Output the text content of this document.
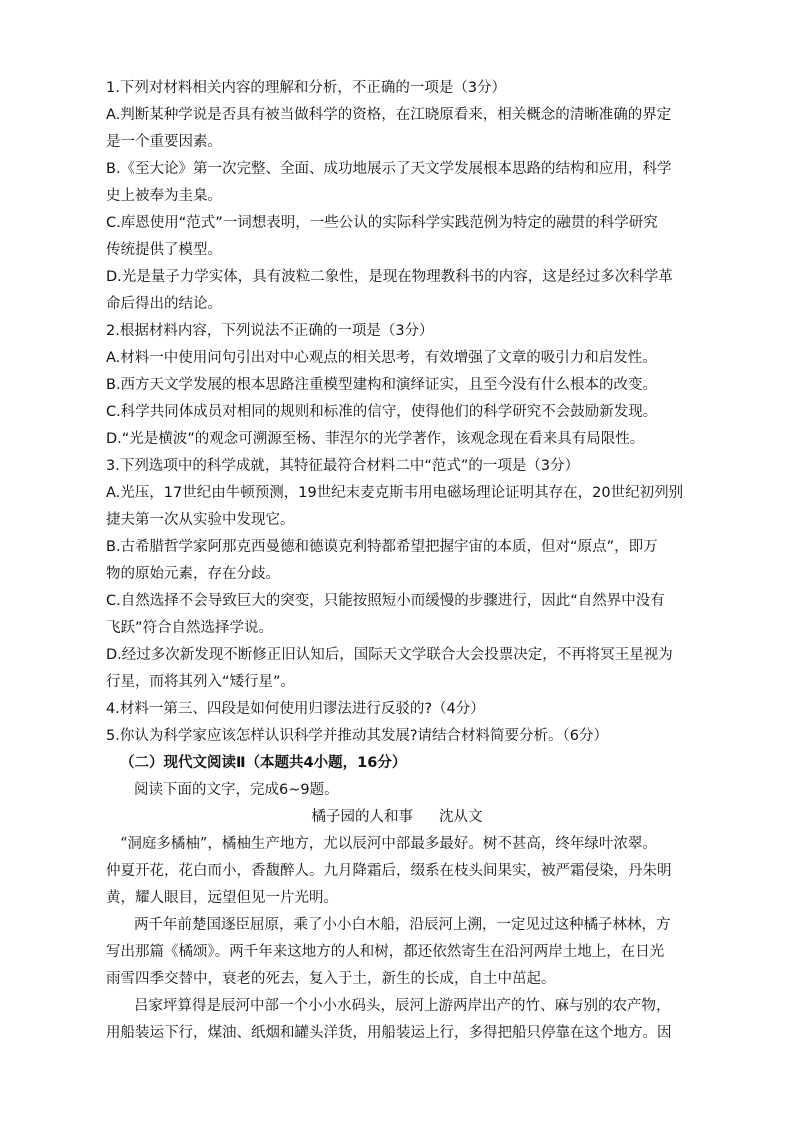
1.下列对材料相关内容的理解和分析，不正确的一项是（3分）
A.判断某种学说是否具有被当做科学的资格，在江晓原看来，相关概念的清晰准确的界定
是一个重要因素。
B.《至大论》第一次完整、全面、成功地展示了天文学发展根本思路的结构和应用，科学
史上被奉为圭臬。
C.库恩使用“范式”一词想表明，一些公认的实际科学实践范例为特定的融贯的科学研究
传统提供了模型。
D.光是量子力学实体，具有波粒二象性，是现在物理教科书的内容，这是经过多次科学革
命后得出的结论。
2.根据材料内容，下列说法不正确的一项是（3分）
A.材料一中使用问句引出对中心观点的相关思考，有效增强了文章的吸引力和启发性。
B.西方天文学发展的根本思路注重模型建构和演绎证实，且至今没有什么根本的改变。
C.科学共同体成员对相同的规则和标准的信守，使得他们的科学研究不会鼓励新发现。
D.“光是横波”的观念可溯源至杨、菲涅尔的光学著作，该观念现在看来具有局限性。
3.下列选项中的科学成就，其特征最符合材料二中“范式”的一项是（3分）
A.光压，17世纪由牛顿预测，19世纪末麦克斯韦用电磁场理论证明其存在，20世纪初列别
捷夫第一次从实验中发现它。
B.古希腊哲学家阿那克西曼德和德谟克利特都希望把握宇宙的本质，但对“原点”，即万
物的原始元素，存在分歧。
C.自然选择不会导致巨大的突变，只能按照短小而缓慢的步骤进行，因此“自然界中没有
飞跃”符合自然选择学说。
D.经过多次新发现不断修正旧认知后，国际天文学联合大会投票决定，不再将冥王星视为
行星，而将其列入“矮行星”。
4.材料一第三、四段是如何使用归谬法进行反驳的?（4分）
5.你认为科学家应该怎样认识科学并推动其发展?请结合材料简要分析。（6分）
（二）现代文阅读Ⅱ（本题共4小题，16分）
阅读下面的文字，完成6~9题。
橘子园的人和事 沈从文
“洞庭多橘柚”，橘柚生产地方，尤以辰河中部最多最好。树不甚高，终年绿叶浓翠。
仲夏开花，花白而小，香馥醉人。九月降霜后，缀系在枝头间果实，被严霜侵染，丹朱明
黄，耀人眼目，远望但见一片光明。
两千年前楚国逐臣屈原，乘了小小白木船，沿辰河上溯，一定见过这种橘子林林，方
写出那篇《橘颂》。两千年来这地方的人和树，都还依然寄生在沿河两岸土地上，在日光
雨雪四季交替中，衰老的死去，复入于土，新生的长成，自土中茁起。
吕家坪算得是辰河中部一个小小水码头，辰河上游两岸出产的竹、麻与别的农产物，
用船装运下行，煤油、纸烟和罐头洋货，用船装运上行，多得把船只停靠在这个地方。因
